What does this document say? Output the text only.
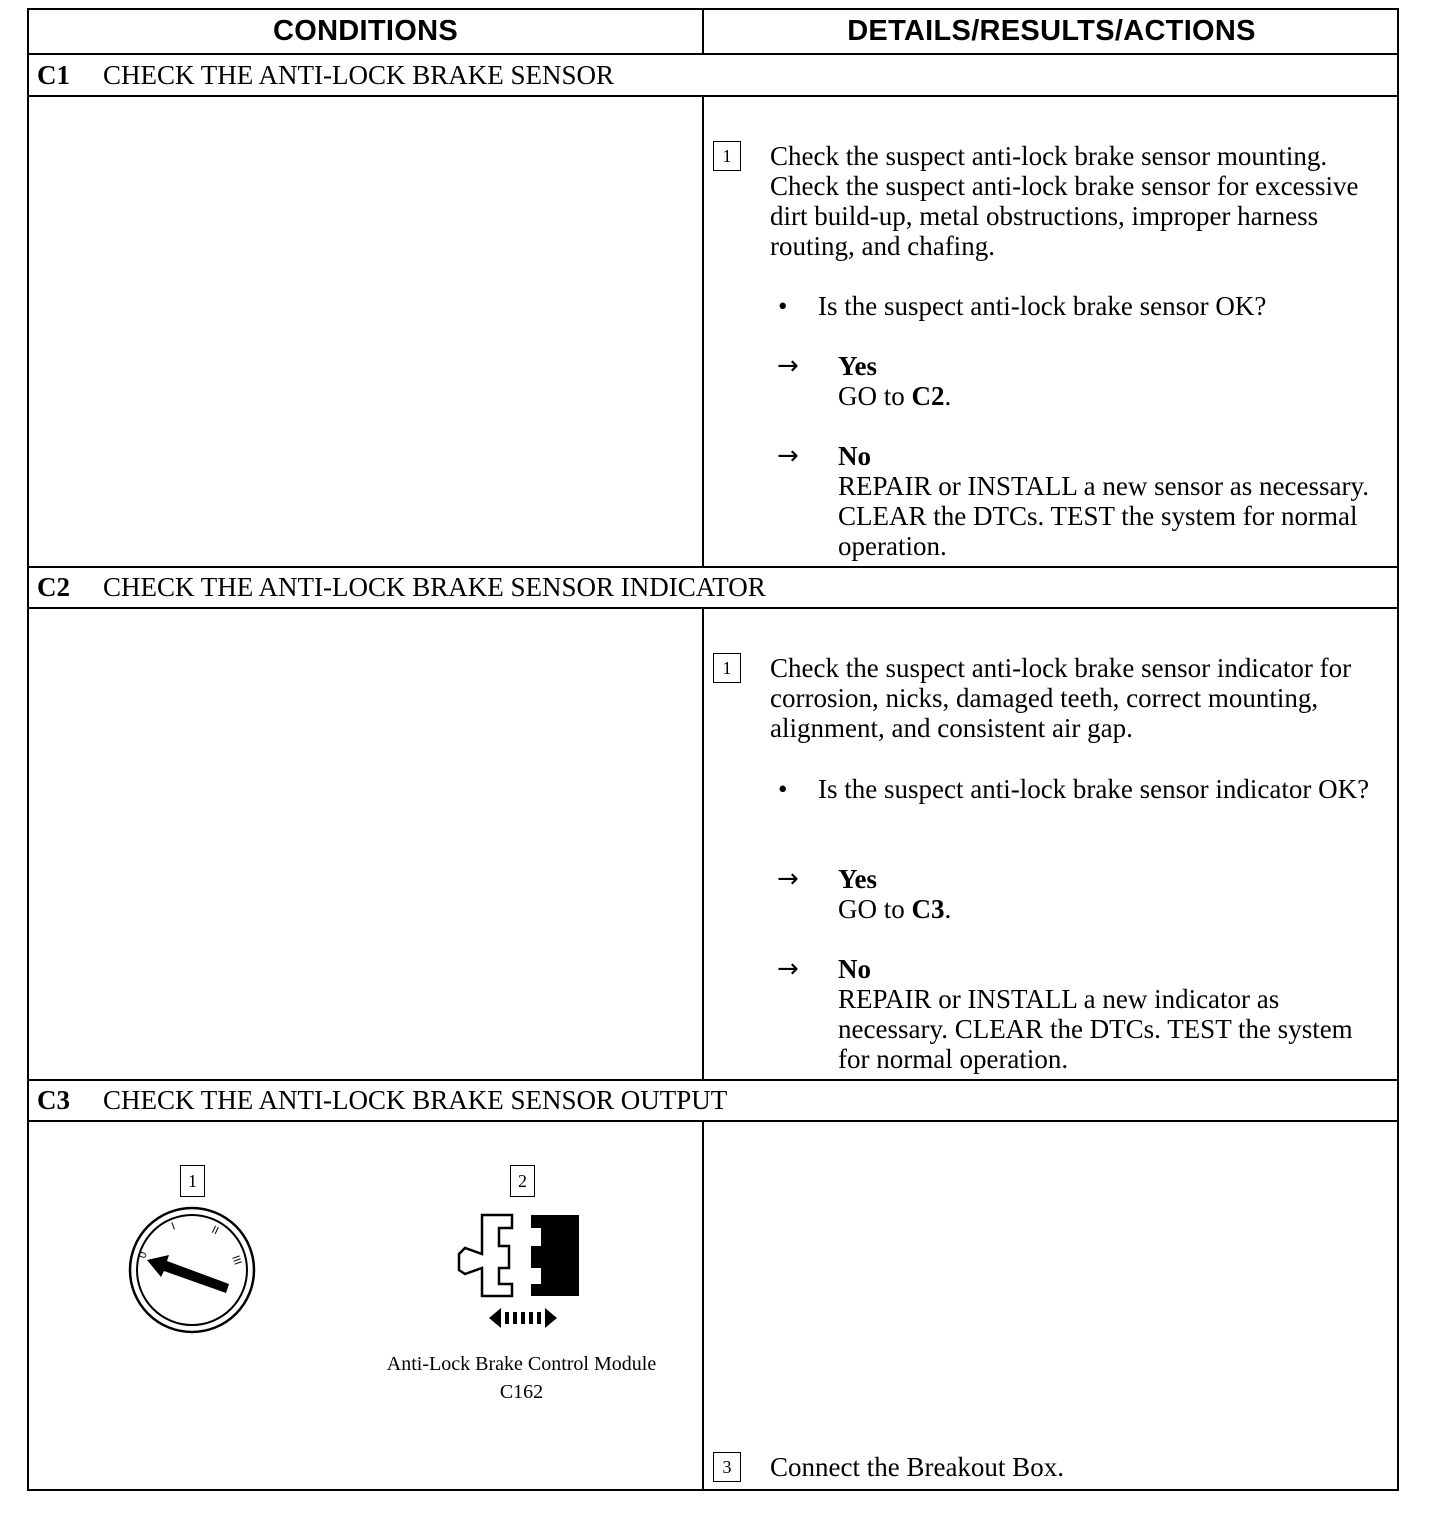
CONDITIONS	DETAILS/RESULTS/ACTIONS
C1	CHECK THE ANTI-LOCK BRAKE SENSOR
1	Check the suspect anti-lock brake sensor mounting. Check the suspect anti-lock brake sensor for excessive dirt build-up, metal obstructions, improper harness routing, and chafing.
• Is the suspect anti-lock brake sensor OK?
→ Yes
GO to C2.
→ No
REPAIR or INSTALL a new sensor as necessary. CLEAR the DTCs. TEST the system for normal operation.
C2	CHECK THE ANTI-LOCK BRAKE SENSOR INDICATOR
1	Check the suspect anti-lock brake sensor indicator for corrosion, nicks, damaged teeth, correct mounting, alignment, and consistent air gap.
• Is the suspect anti-lock brake sensor indicator OK?
→ Yes
GO to C3.
→ No
REPAIR or INSTALL a new indicator as necessary. CLEAR the DTCs. TEST the system for normal operation.
C3	CHECK THE ANTI-LOCK BRAKE SENSOR OUTPUT
1
0
I	II
III
2
Anti-Lock Brake Control Module
C162
3	Connect the Breakout Box.
